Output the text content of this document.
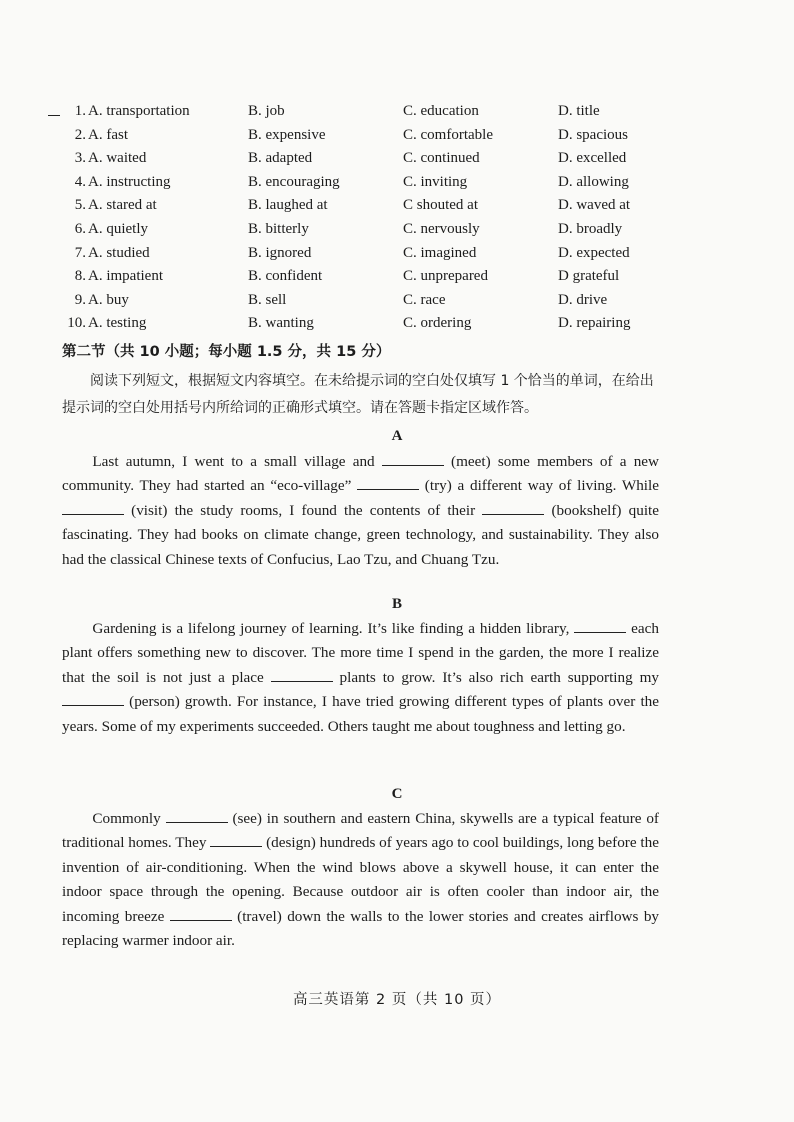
1. A. transportation	B. job	C. education	D. title
2. A. fast	B. expensive	C. comfortable	D. spacious
3. A. waited	B. adapted	C. continued	D. excelled
4. A. instructing	B. encouraging	C. inviting	D. allowing
5. A. stared at	B. laughed at	C shouted at	D. waved at
6. A. quietly	B. bitterly	C. nervously	D. broadly
7. A. studied	B. ignored	C. imagined	D. expected
8. A. impatient	B. confident	C. unprepared	D grateful
9. A. buy	B. sell	C. race	D. drive
10. A. testing	B. wanting	C. ordering	D. repairing
第二节（共 10 小题；每小题 1.5 分，共 15 分）
阅读下列短文，根据短文内容填空。在未给提示词的空白处仅填写 1 个恰当的单词，在给出提示词的空白处用括号内所给词的正确形式填空。请在答题卡指定区域作答。
A
Last autumn, I went to a small village and	(meet) some members of a new community. They had started an “eco-village”	(try) a different way of living. While  (visit) the study rooms, I found the contents of their	(bookshelf) quite fascinating. They had books on climate change, green technology, and sustainability. They also had the classical Chinese texts of Confucius, Lao Tzu, and Chuang Tzu.
B
Gardening is a lifelong journey of learning. It’s like finding a hidden library,	each plant offers something new to discover. The more time I spend in the garden, the more I realize that the soil is not just a place	plants to grow. It’s also rich earth supporting my  (person) growth. For instance, I have tried growing different types of plants over the years. Some of my experiments succeeded. Others taught me about toughness and letting go.
C
Commonly	(see) in southern and eastern China, skywells are a typical feature of traditional homes. They	(design) hundreds of years ago to cool buildings, long before the invention of air-conditioning. When the wind blows above a skywell house, it can enter the indoor space through the opening. Because outdoor air is often cooler than indoor air, the incoming breeze	(travel) down the walls to the lower stories and creates airflows by replacing warmer indoor air.
高三英语第 2 页（共 10 页）
